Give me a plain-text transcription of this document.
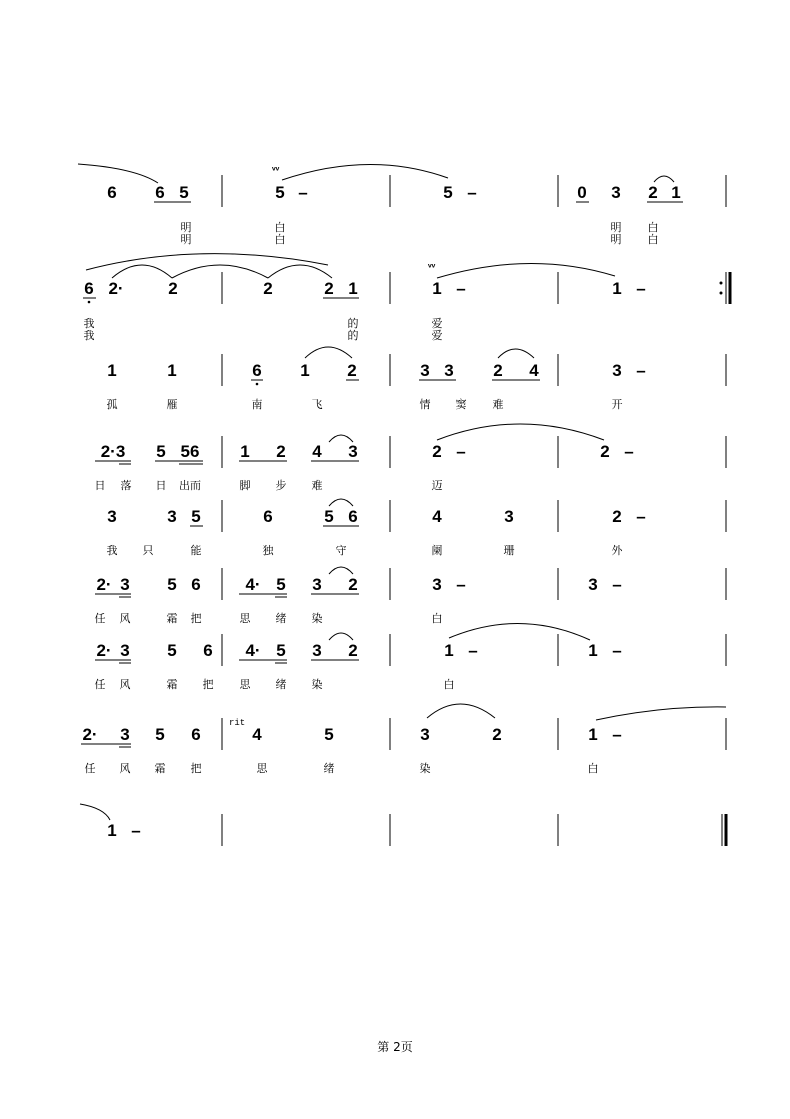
ᵥᵥ
6 6 5	5 –	5 –	0 3 2 1
明	白	明 白
明	白	明 白
ᵥᵥ
6 2·	2	2	2 1	1 –	1 –
我	的	爱
我	的	爱
1	1	6 1 2	3 3 2 4	3 –
孤	雁	南	飞	情 窦 难	开
2·3 5 56 1 2 4 3	2 –	2 –
日 落 日 出而	脚 步 难	迈
3	3 5	6	5 6	4	3	2 –
我 只	能	独	守	阑	珊	外
2· 3 5 6	4· 5 3 2	3 –	3 –
任 风	霜 把	思 绪 染	白
2· 3 5 6 4· 5 3 2	1 –	1 –
任 风	霜 把 思 绪 染	白
rit
2· 3 5 6	4	5	3	2	1 –
任 风 霜 把	思	绪	染	白
1 –
第 2页
